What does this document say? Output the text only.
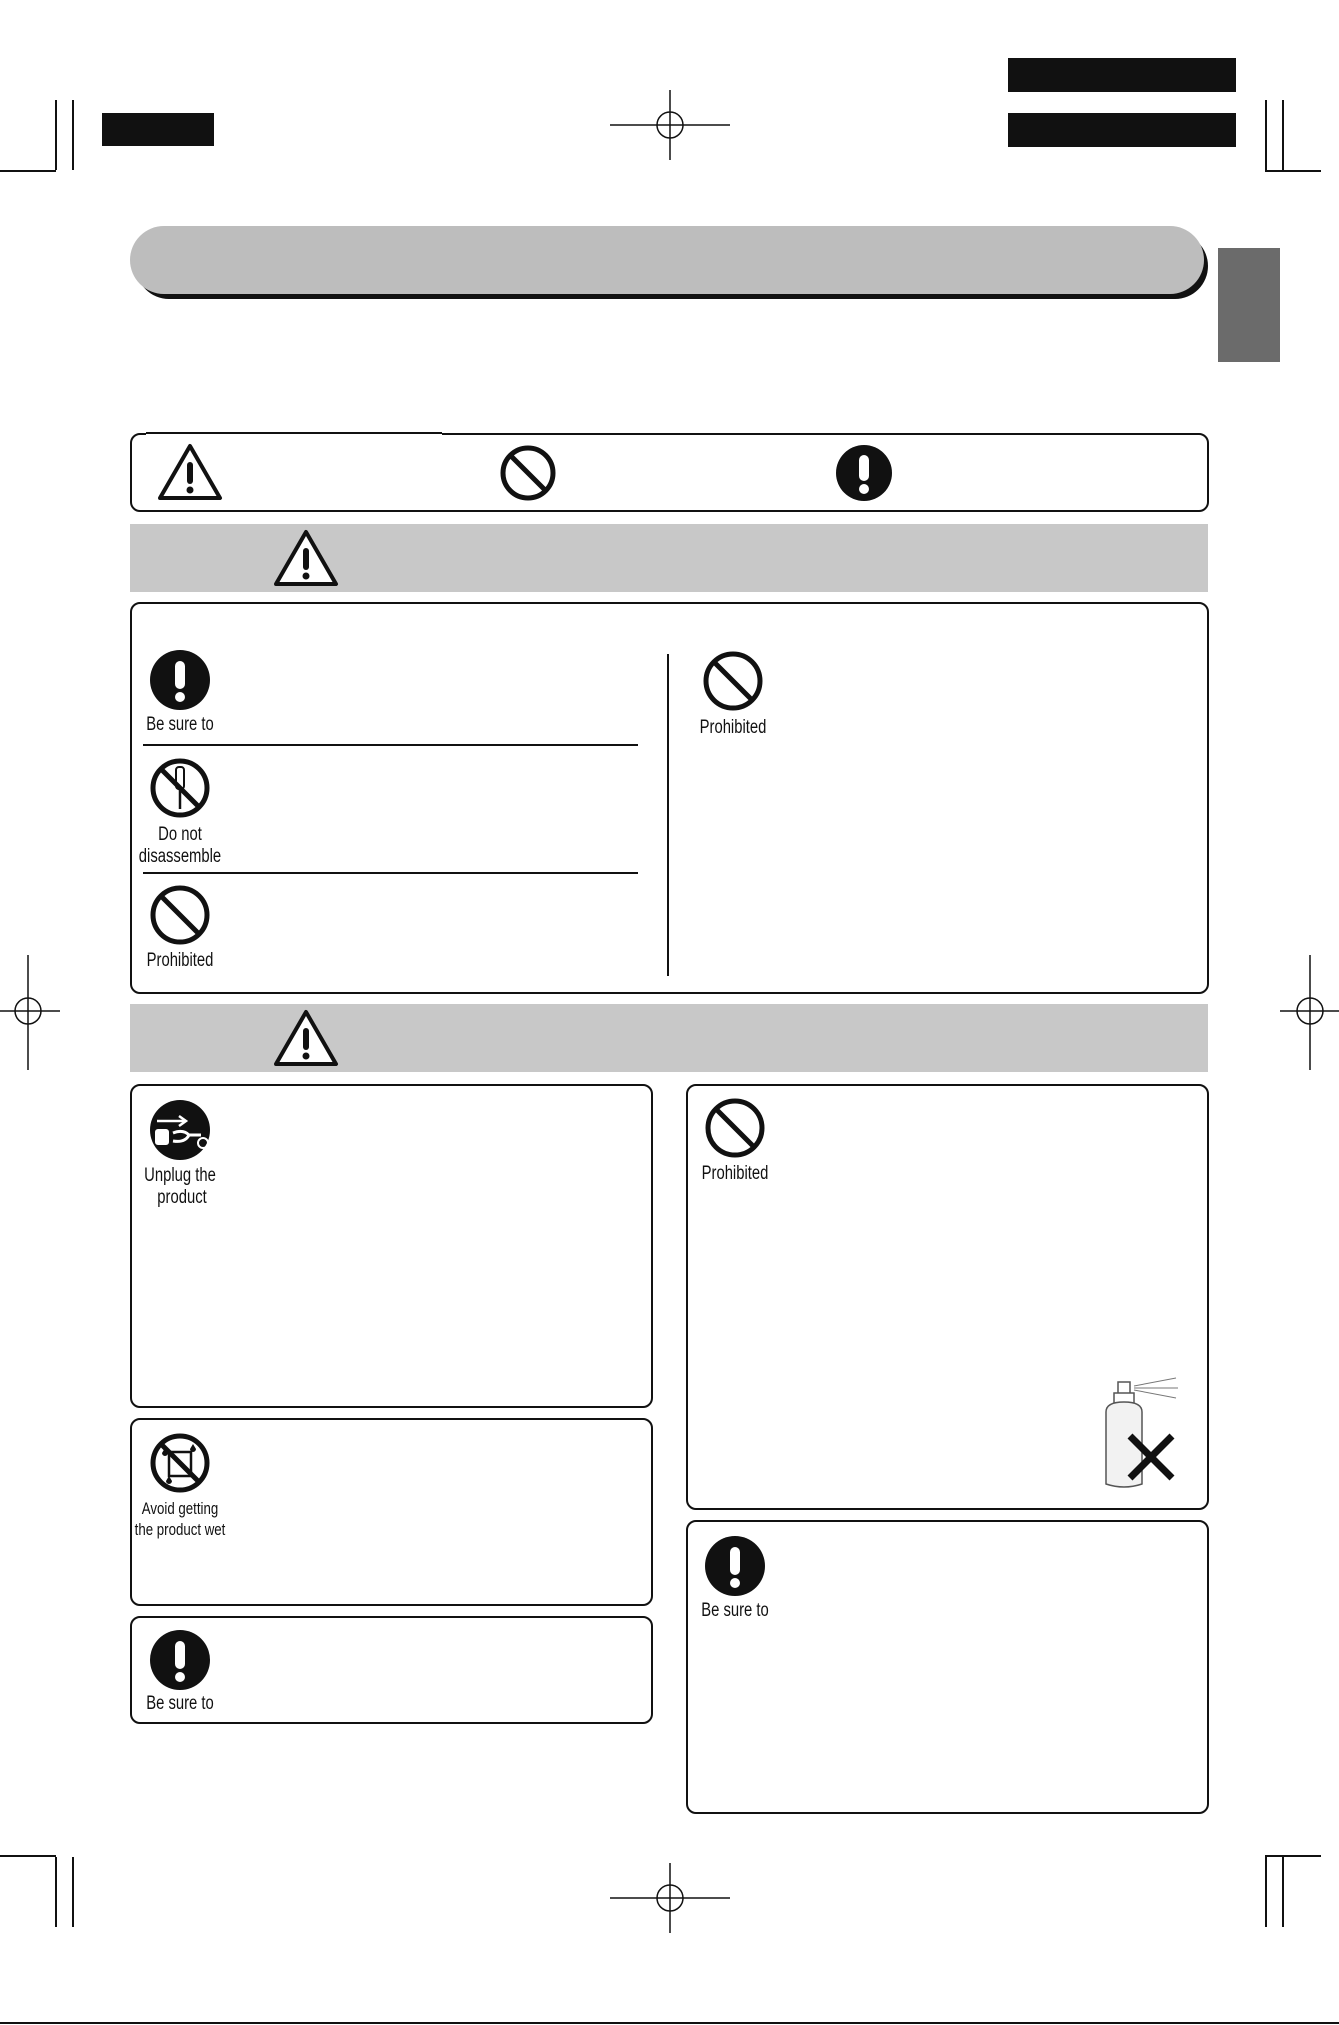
Be sure to
Do not
disassemble
Prohibited
Prohibited
Unplug the
product
Avoid getting
the product wet
Be sure to
Prohibited
Be sure to
